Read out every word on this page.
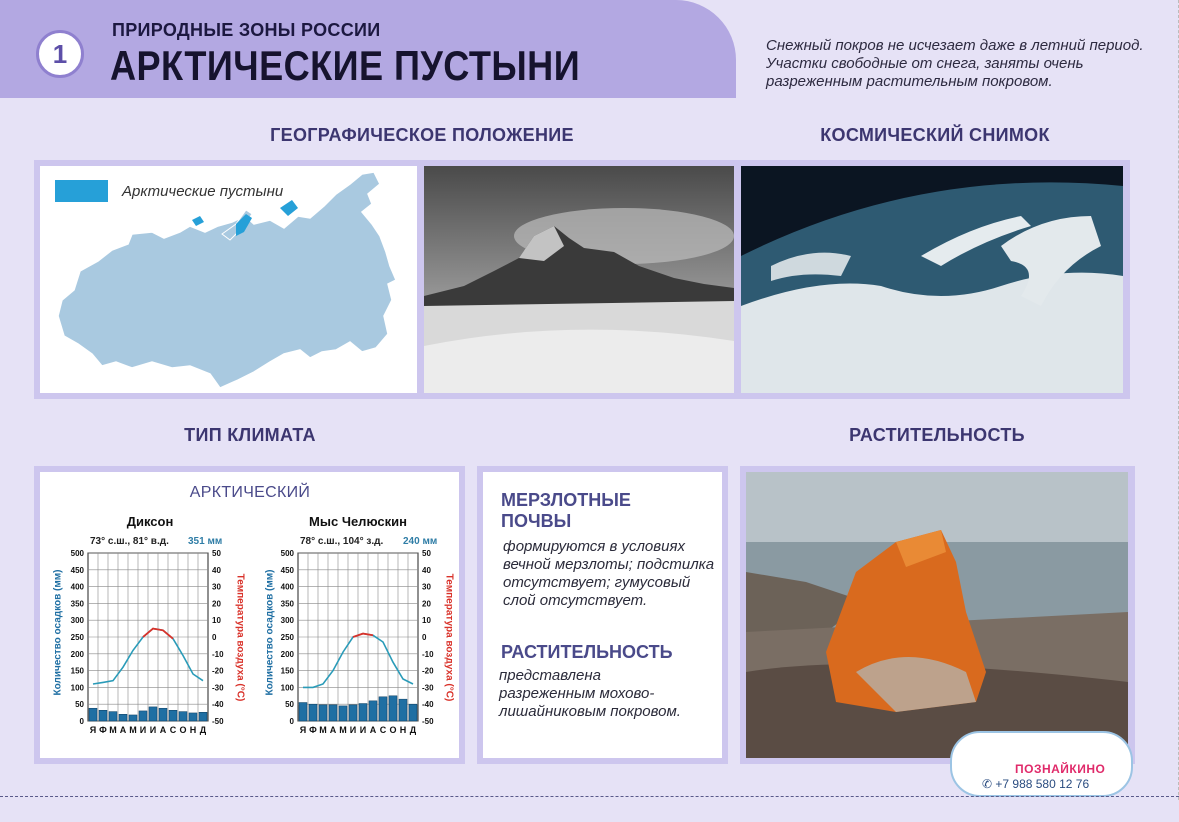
1
ПРИРОДНЫЕ ЗОНЫ РОССИИ
АРКТИЧЕСКИЕ ПУСТЫНИ	Снежный покров не исчезает даже в летний период. Участки свободные от снега, заняты очень разреженным растительным покровом.
ГЕОГРАФИЧЕСКОЕ ПОЛОЖЕНИЕ	КОСМИЧЕСКИЙ СНИМОК
ТИП КЛИМАТА	РАСТИТЕЛЬНОСТЬ
Арктические пустыни
АРКТИЧЕСКИЙ
Диксон
73° с.ш., 81° в.д. 351 мм
Количество осадков (мм)	Температура воздуха (°С)
500	50
450	40
400	30
350	20
300	10
250	0
200	-10
150	-20
100	-30
50	-40
0	-50
Я Ф М А М И И А С О Н Д
Мыс Челюскин
78° с.ш., 104° з.д. 240 мм
Количество осадков (мм)	Температура воздуха (°С)
500	50
450	40
400	30
350	20
300	10
250	0
200	-10
150	-20
100	-30
50	-40
0	-50
Я Ф М А М И И А С О Н Д
МЕРЗЛОТНЫЕ ПОЧВЫ
формируются в условиях вечной мерзлоты; подстилка отсутствует; гумусовый слой отсутствует.
РАСТИТЕЛЬНОСТЬ
представлена разреженным мохово-лишайниковым покровом.
ПОЗНАЙКИНО
✆ +7 988 580 12 76
